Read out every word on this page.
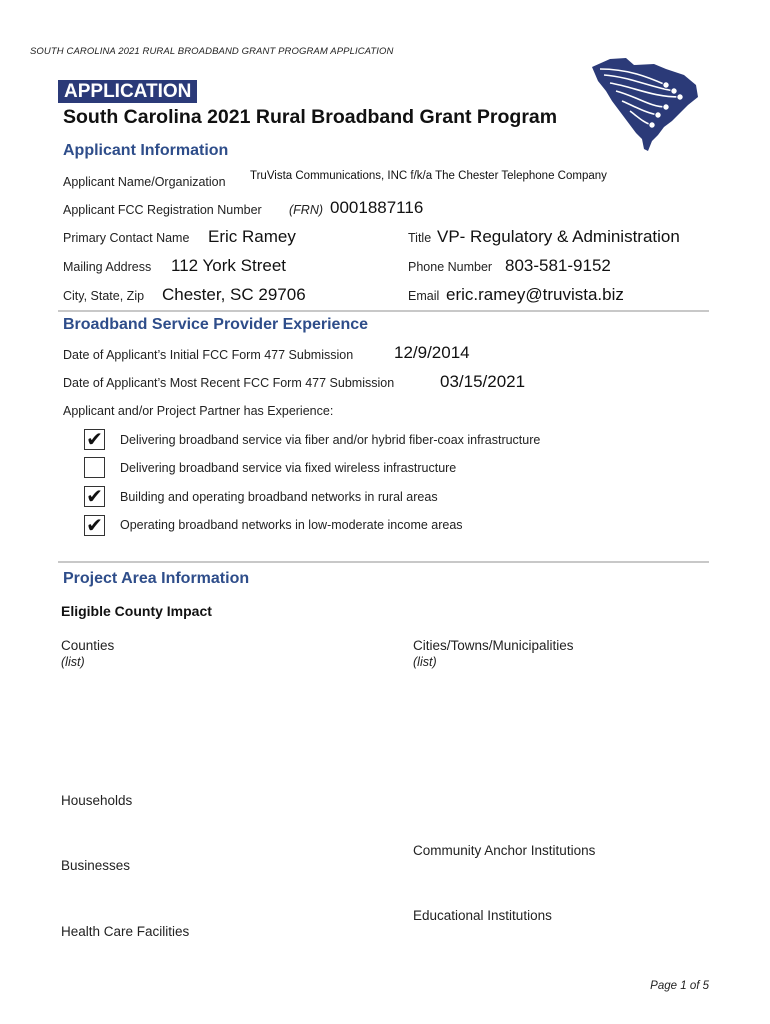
SOUTH CAROLINA 2021 RURAL BROADBAND GRANT PROGRAM APPLICATION
APPLICATION
South Carolina 2021 Rural Broadband Grant Program
Applicant Information
Applicant Name/Organization TruVista Communications, INC f/k/a The Chester Telephone Company
Applicant FCC Registration Number (FRN) 0001887116
Primary Contact Name Eric Ramey	Title VP- Regulatory & Administration
Mailing Address 112 York Street	Phone Number 803-581-9152
City, State, Zip Chester, SC 29706	Email eric.ramey@truvista.biz
Broadband Service Provider Experience
Date of Applicant’s Initial FCC Form 477 Submission 12/9/2014
Date of Applicant’s Most Recent FCC Form 477 Submission	03/15/2021
Applicant and/or Project Partner has Experience:
✔ Delivering broadband service via fiber and/or hybrid fiber-coax infrastructure
Delivering broadband service via fixed wireless infrastructure
✔ Building and operating broadband networks in rural areas
✔ Operating broadband networks in low-moderate income areas
Project Area Information
Eligible County Impact
Counties
(list)
Cities/Towns/Municipalities
(list)
Households
Community Anchor Institutions
Businesses
Educational Institutions
Health Care Facilities
Page 1 of 5
